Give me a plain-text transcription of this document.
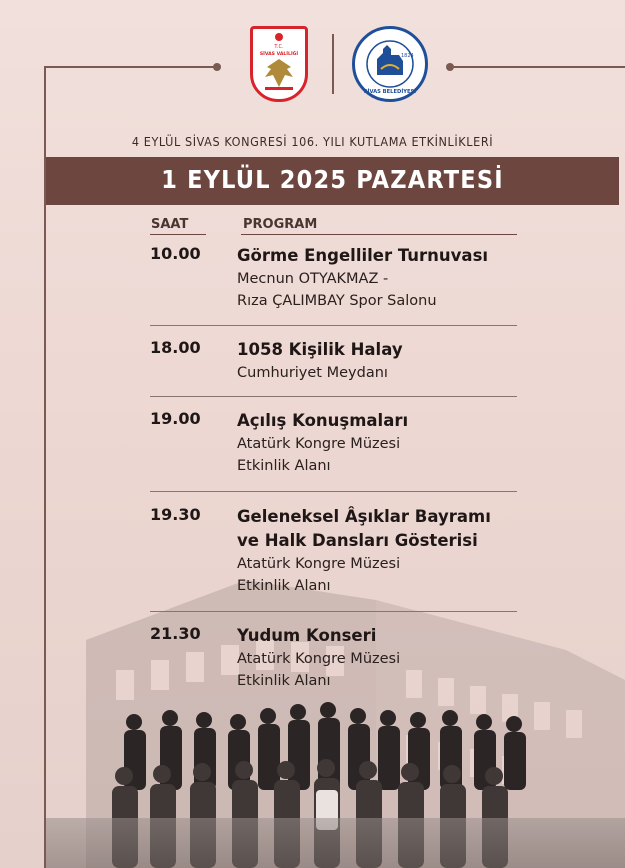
T.C.
SİVAS VALİLİĞİ	1824
SİVAS BELEDİYESİ
4 EYLÜL SİVAS KONGRESİ 106. YILI KUTLAMA ETKİNLİKLERİ
1 EYLÜL 2025 PAZARTESİ
SAAT	PROGRAM
10.00 Görme Engelliler Turnuvası
Mecnun OTYAKMAZ -
Rıza ÇALIMBAY Spor Salonu
18.00 1058 Kişilik Halay
Cumhuriyet Meydanı
19.00 Açılış Konuşmaları
Atatürk Kongre Müzesi
Etkinlik Alanı
19.30 Geleneksel Âşıklar Bayramı
ve Halk Dansları Gösterisi
Atatürk Kongre Müzesi
Etkinlik Alanı
21.30 Yudum Konseri
Atatürk Kongre Müzesi
Etkinlik Alanı
